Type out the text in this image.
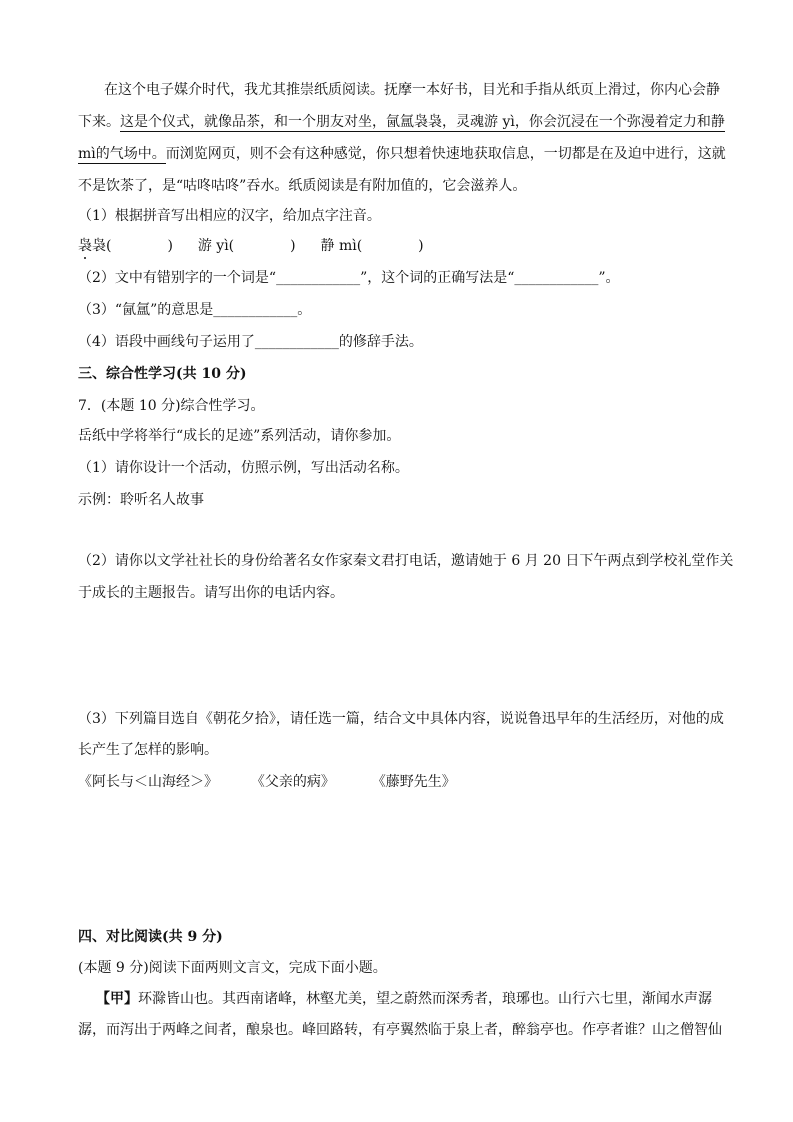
在这个电子媒介时代，我尤其推崇纸质阅读。抚摩一本好书，目光和手指从纸页上滑过，你内心会静
下来。这是个仪式，就像品茶，和一个朋友对坐，氤氲袅袅，灵魂游 yì，你会沉浸在一个弥漫着定力和静
mì的气场中。而浏览网页，则不会有这种感觉，你只想着快速地获取信息，一切都是在及迫中进行，这就
不是饮茶了，是“咕咚咕咚”吞水。纸质阅读是有附加值的，它会滋养人。
（1）根据拼音写出相应的汉字，给加点字注音。
袅袅(　　　　) 游 yì(　　　　) 静 mì(　　　　)
（2）文中有错别字的一个词是“____________”，这个词的正确写法是“____________”。
（3）“氤氲”的意思是____________。
（4）语段中画线句子运用了____________的修辞手法。
三、综合性学习(共 10 分)
7．(本题 10 分)综合性学习。
岳纸中学将举行“成长的足迹”系列活动，请你参加。
（1）请你设计一个活动，仿照示例，写出活动名称。
示例：聆听名人故事
（2）请你以文学社社长的身份给著名女作家秦文君打电话，邀请她于 6 月 20 日下午两点到学校礼堂作关
于成长的主题报告。请写出你的电话内容。
（3）下列篇目选自《朝花夕拾》，请任选一篇，结合文中具体内容，说说鲁迅早年的生活经历，对他的成
长产生了怎样的影响。
《阿长与＜山海经＞》 《父亲的病》	《藤野先生》
四、对比阅读(共 9 分)
(本题 9 分)阅读下面两则文言文，完成下面小题。
【甲】环滁皆山也。其西南诸峰，林壑尤美，望之蔚然而深秀者，琅琊也。山行六七里，渐闻水声潺
潺，而泻出于两峰之间者，酿泉也。峰回路转，有亭翼然临于泉上者，醉翁亭也。作亭者谁？山之僧智仙
